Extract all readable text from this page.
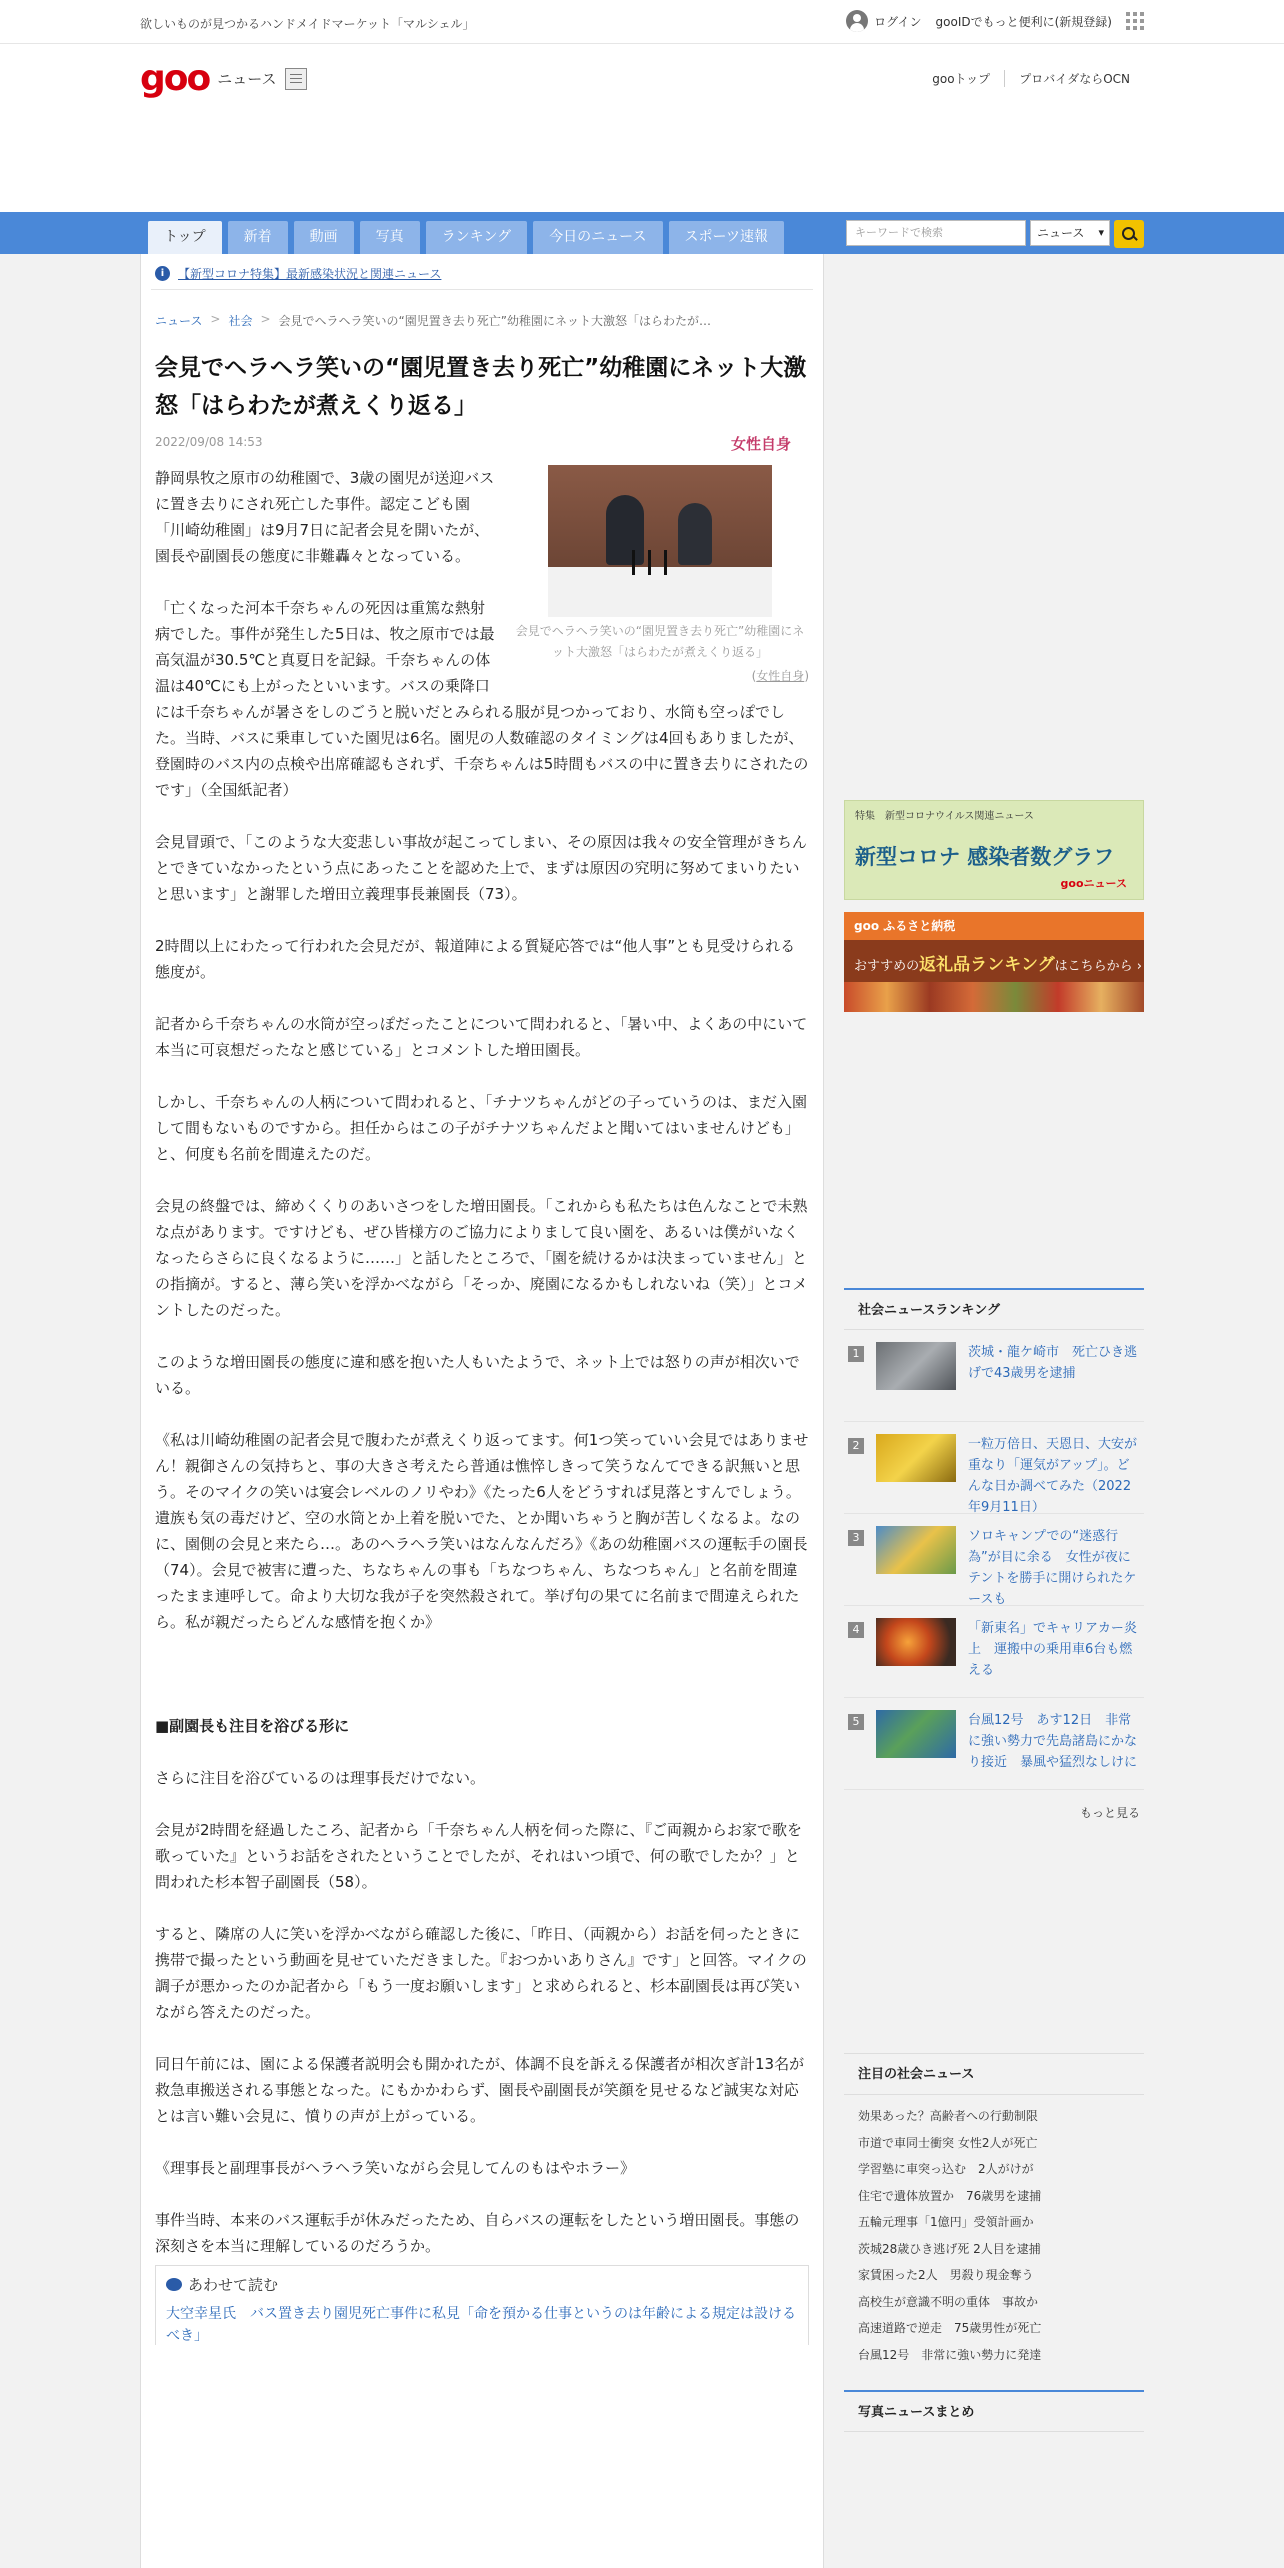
欲しいものが見つかるハンドメイドマーケット「マルシェル」	ログイン gooIDでもっと便利に(新規登録)
goo ニュース	gooトップ	プロバイダならOCN
トップ	新着	動画	写真	ランキング	今日のニュース	スポーツ速報	キーワードで検索	ニュース ▾
i	【新型コロナ特集】最新感染状況と関連ニュース
ニュース > 社会 > 会見でヘラヘラ笑いの“園児置き去り死亡”幼稚園にネット大激怒「はらわたが…
会見でヘラヘラ笑いの“園児置き去り死亡”幼稚園にネット大激怒「はらわたが煮えくり返る」
2022/09/08 14:53	女性自身
会見でヘラヘラ笑いの“園児置き去り死亡”幼稚園にネット大激怒「はらわたが煮えくり返る」
(女性自身)

静岡県牧之原市の幼稚園で、3歳の園児が送迎バスに置き去りにされ死亡した事件。認定こども園「川崎幼稚園」は9月7日に記者会見を開いたが、園長や副園長の態度に非難轟々となっている。

「亡くなった河本千奈ちゃんの死因は重篤な熱射病でした。事件が発生した5日は、牧之原市では最高気温が30.5℃と真夏日を記録。千奈ちゃんの体温は40℃にも上がったといいます。バスの乗降口には千奈ちゃんが暑さをしのごうと脱いだとみられる服が見つかっており、水筒も空っぽでした。当時、バスに乗車していた園児は6名。園児の人数確認のタイミングは4回もありましたが、登園時のバス内の点検や出席確認もされず、千奈ちゃんは5時間もバスの中に置き去りにされたのです」（全国紙記者）

会見冒頭で、「このような大変悲しい事故が起こってしまい、その原因は我々の安全管理がきちんとできていなかったという点にあったことを認めた上で、まずは原因の究明に努めてまいりたいと思います」と謝罪した増田立義理事長兼園長（73）。

2時間以上にわたって行われた会見だが、報道陣による質疑応答では“他人事”とも見受けられる態度が。

記者から千奈ちゃんの水筒が空っぽだったことについて問われると、「暑い中、よくあの中にいて本当に可哀想だったなと感じている」とコメントした増田園長。

しかし、千奈ちゃんの人柄について問われると、「チナツちゃんがどの子っていうのは、まだ入園して間もないものですから。担任からはこの子がチナツちゃんだよと聞いてはいませんけども」と、何度も名前を間違えたのだ。

会見の終盤では、締めくくりのあいさつをした増田園長。「これからも私たちは色んなことで未熟な点があります。ですけども、ぜひ皆様方のご協力によりまして良い園を、あるいは僕がいなくなったらさらに良くなるように……」と話したところで、「園を続けるかは決まっていません」との指摘が。すると、薄ら笑いを浮かべながら「そっか、廃園になるかもしれないね（笑）」とコメントしたのだった。

このような増田園長の態度に違和感を抱いた人もいたようで、ネット上では怒りの声が相次いでいる。

《私は川崎幼稚園の記者会見で腹わたが煮えくり返ってます。何1つ笑っていい会見ではありません！親御さんの気持ちと、事の大きさ考えたら普通は憔悴しきって笑うなんてできる訳無いと思う。そのマイクの笑いは宴会レベルのノリやわ》《たった6人をどうすれば見落とすんでしょう。遺族も気の毒だけど、空の水筒とか上着を脱いでた、とか聞いちゃうと胸が苦しくなるよ。なのに、園側の会見と来たら…。あのヘラヘラ笑いはなんなんだろ》《あの幼稚園バスの運転手の園長（74）。会見で被害に遭った、ちなちゃんの事も「ちなつちゃん、ちなつちゃん」と名前を間違ったまま連呼して。命より大切な我が子を突然殺されて。挙げ句の果てに名前まで間違えられたら。私が親だったらどんな感情を抱くか》

■副園長も注目を浴びる形に

さらに注目を浴びているのは理事長だけでない。

会見が2時間を経過したころ、記者から「千奈ちゃん人柄を伺った際に、『ご両親からお家で歌を歌っていた』というお話をされたということでしたが、それはいつ頃で、何の歌でしたか？」と問われた杉本智子副園長（58）。

すると、隣席の人に笑いを浮かべながら確認した後に、「昨日、（両親から）お話を伺ったときに携帯で撮ったという動画を見せていただきました。『おつかいありさん』です」と回答。マイクの調子が悪かったのか記者から「もう一度お願いします」と求められると、杉本副園長は再び笑いながら答えたのだった。

同日午前には、園による保護者説明会も開かれたが、体調不良を訴える保護者が相次ぎ計13名が救急車搬送される事態となった。にもかかわらず、園長や副園長が笑顔を見せるなど誠実な対応とは言い難い会見に、憤りの声が上がっている。

《理事長と副理事長がヘラヘラ笑いながら会見してんのもはやホラー》

事件当時、本来のバス運転手が休みだったため、自らバスの運転をしたという増田園長。事態の深刻さを本当に理解しているのだろうか。

あわせて読む
大空幸星氏　バス置き去り園児死亡事件に私見「命を預かる仕事というのは年齢による規定は設けるべき」
特集　新型コロナウイルス関連ニュース
新型コロナ 感染者数グラフ
gooニュース
goo ふるさと納税
おすすめの返礼品ランキングはこちらから ›
社会ニュースランキング
1	茨城・龍ケ崎市　死亡ひき逃げで43歳男を逮捕
2	一粒万倍日、天恩日、大安が重なり「運気がアップ」。どんな日か調べてみた（2022年9月11日）
3	ソロキャンプでの“迷惑行為”が目に余る　女性が夜にテントを勝手に開けられたケースも
4	「新東名」でキャリアカー炎上　運搬中の乗用車6台も燃える
5	台風12号　あす12日　非常に強い勢力で先島諸島にかなり接近　暴風や猛烈なしけに
もっと見る
注目の社会ニュース
効果あった？高齢者への行動制限
市道で車同士衝突 女性2人が死亡
学習塾に車突っ込む　2人がけが
住宅で遺体放置か　76歳男を逮捕
五輪元理事「1億円」受領計画か
茨城28歳ひき逃げ死 2人目を逮捕
家賃困った2人　男殺り現金奪う
高校生が意識不明の重体　事故か
高速道路で逆走　75歳男性が死亡
台風12号　非常に強い勢力に発達
写真ニュースまとめ
